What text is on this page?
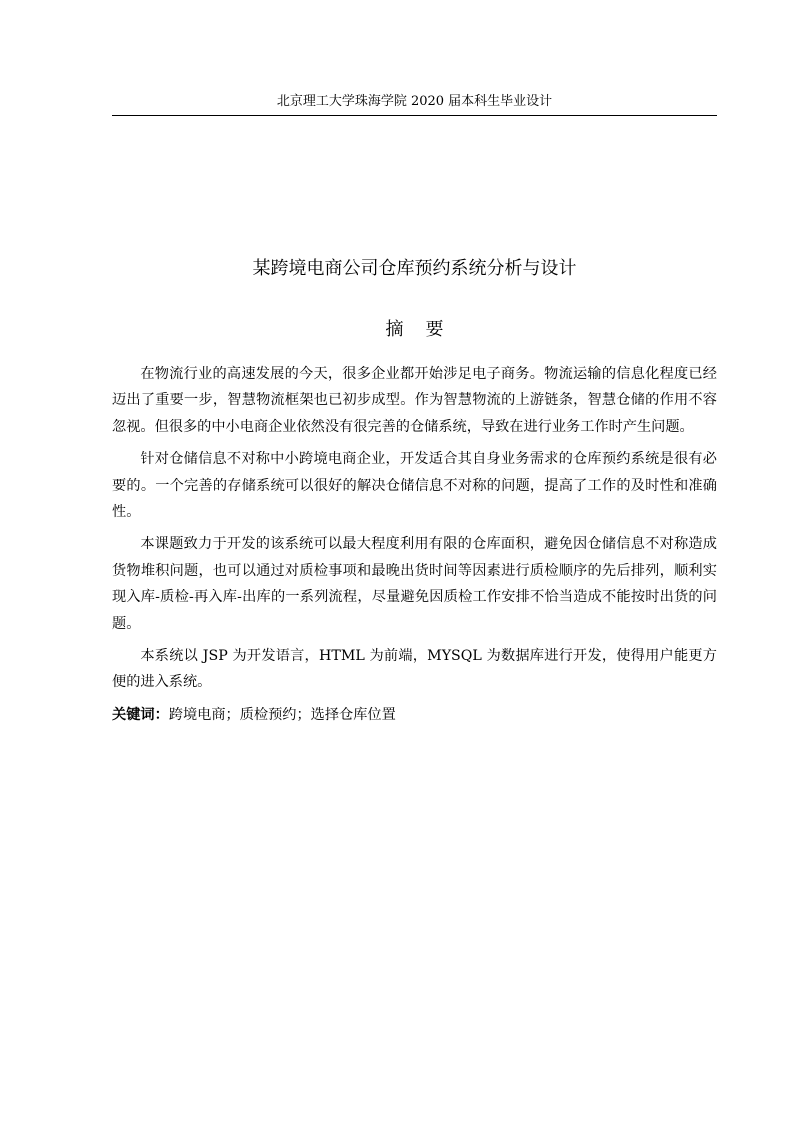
北京理工大学珠海学院 2020 届本科生毕业设计
某跨境电商公司仓库预约系统分析与设计
摘要

在物流行业的高速发展的今天，很多企业都开始涉足电子商务。物流运输的信息化程度已经迈出了重要一步，智慧物流框架也已初步成型。作为智慧物流的上游链条，智慧仓储的作用不容忽视。但很多的中小电商企业依然没有很完善的仓储系统，导致在进行业务工作时产生问题。

针对仓储信息不对称中小跨境电商企业，开发适合其自身业务需求的仓库预约系统是很有必要的。一个完善的存储系统可以很好的解决仓储信息不对称的问题，提高了工作的及时性和准确性。

本课题致力于开发的该系统可以最大程度利用有限的仓库面积，避免因仓储信息不对称造成货物堆积问题，也可以通过对质检事项和最晚出货时间等因素进行质检顺序的先后排列，顺利实现入库-质检-再入库-出库的一系列流程，尽量避免因质检工作安排不恰当造成不能按时出货的问题。

本系统以 JSP 为开发语言，HTML 为前端，MYSQL 为数据库进行开发，使得用户能更方便的进入系统。

关键词：跨境电商；质检预约；选择仓库位置
